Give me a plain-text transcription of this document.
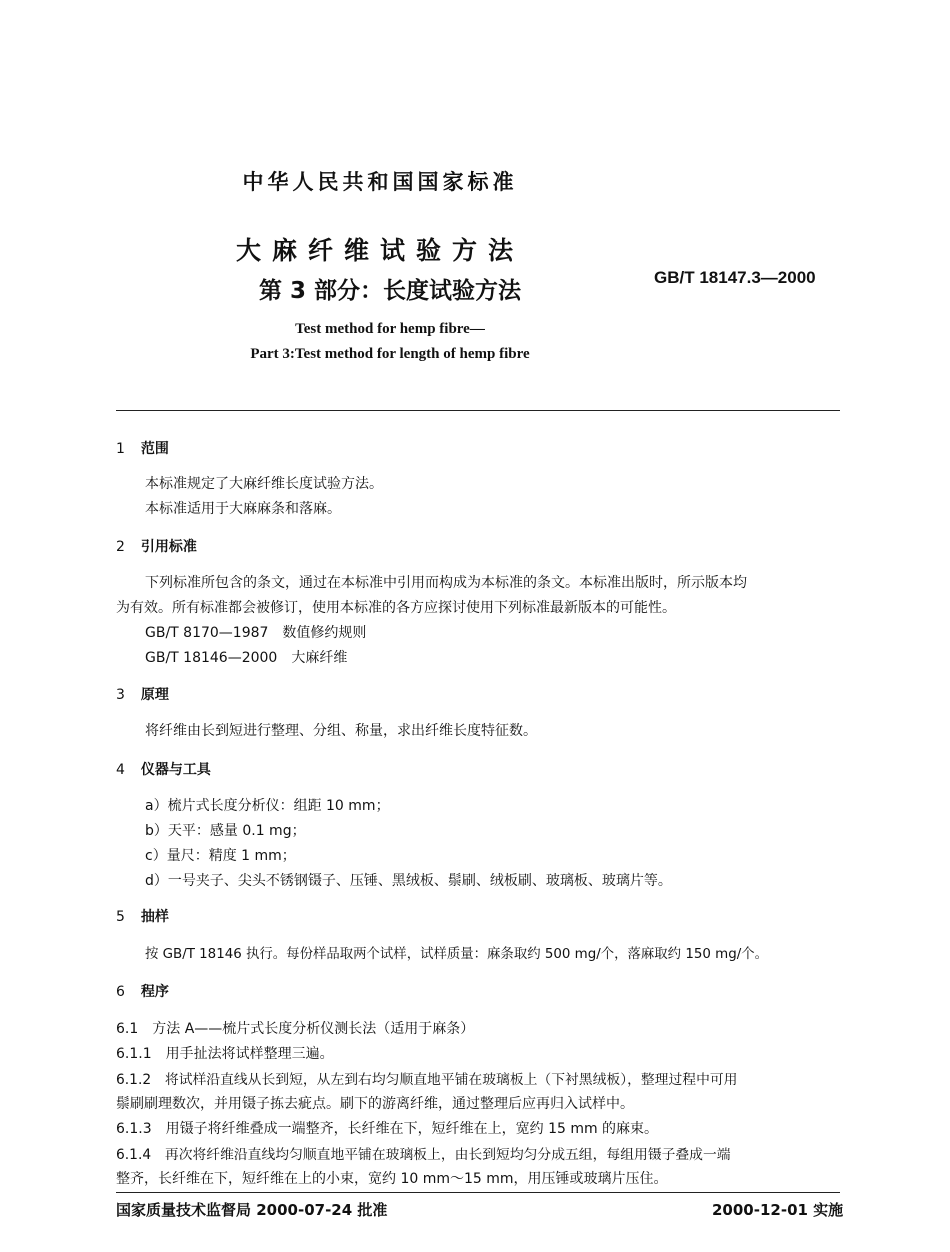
中华人民共和国国家标准
大麻纤维试验方法
第 3 部分：长度试验方法
GB/T 18147.3—2000
Test method for hemp fibre—
Part 3:Test method for length of hemp fibre
1 范围
本标准规定了大麻纤维长度试验方法。
本标准适用于大麻麻条和落麻。
2 引用标准
下列标准所包含的条文，通过在本标准中引用而构成为本标准的条文。本标准出版时，所示版本均
为有效。所有标准都会被修订，使用本标准的各方应探讨使用下列标准最新版本的可能性。
GB/T 8170—1987　数值修约规则
GB/T 18146—2000　大麻纤维
3 原理
将纤维由长到短进行整理、分组、称量，求出纤维长度特征数。
4 仪器与工具
a）梳片式长度分析仪：组距 10 mm；
b）天平：感量 0.1 mg；
c）量尺：精度 1 mm；
d）一号夹子、尖头不锈钢镊子、压锤、黑绒板、鬃刷、绒板刷、玻璃板、玻璃片等。
5 抽样
按 GB/T 18146 执行。每份样品取两个试样，试样质量：麻条取约 500 mg/个，落麻取约 150 mg/个。
6 程序
6.1　方法 A——梳片式长度分析仪测长法（适用于麻条）
6.1.1　用手扯法将试样整理三遍。
6.1.2　将试样沿直线从长到短，从左到右均匀顺直地平铺在玻璃板上（下衬黑绒板），整理过程中可用
鬃刷刷理数次，并用镊子拣去疵点。刷下的游离纤维，通过整理后应再归入试样中。
6.1.3　用镊子将纤维叠成一端整齐，长纤维在下，短纤维在上，宽约 15 mm 的麻束。
6.1.4　再次将纤维沿直线均匀顺直地平铺在玻璃板上，由长到短均匀分成五组，每组用镊子叠成一端
整齐，长纤维在下，短纤维在上的小束，宽约 10 mm～15 mm，用压锤或玻璃片压住。
国家质量技术监督局 2000-07-24 批准	2000-12-01 实施
